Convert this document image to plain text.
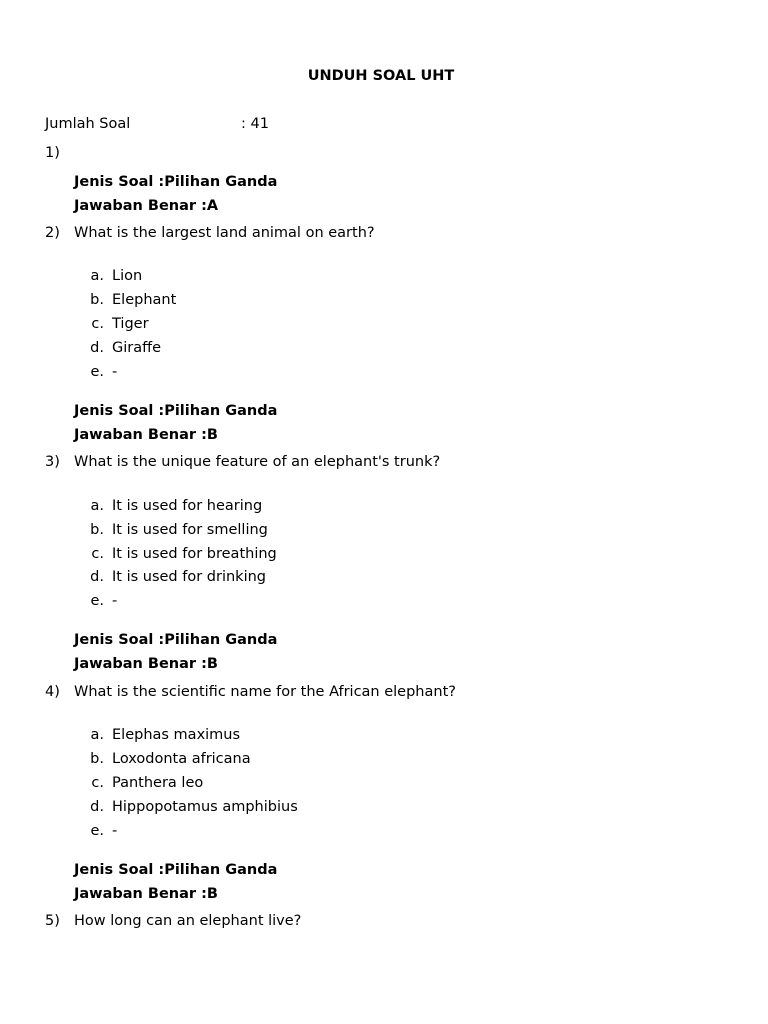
UNDUH SOAL UHT
Jumlah Soal	: 41
1)
Jenis Soal :Pilihan Ganda
Jawaban Benar :A
2) What is the largest land animal on earth?
a. Lion
b. Elephant
c. Tiger
d. Giraffe
e. -
Jenis Soal :Pilihan Ganda
Jawaban Benar :B
3) What is the unique feature of an elephant's trunk?
a. It is used for hearing
b. It is used for smelling
c. It is used for breathing
d. It is used for drinking
e. -
Jenis Soal :Pilihan Ganda
Jawaban Benar :B
4) What is the scientific name for the African elephant?
a. Elephas maximus
b. Loxodonta africana
c. Panthera leo
d. Hippopotamus amphibius
e. -
Jenis Soal :Pilihan Ganda
Jawaban Benar :B
5) How long can an elephant live?
